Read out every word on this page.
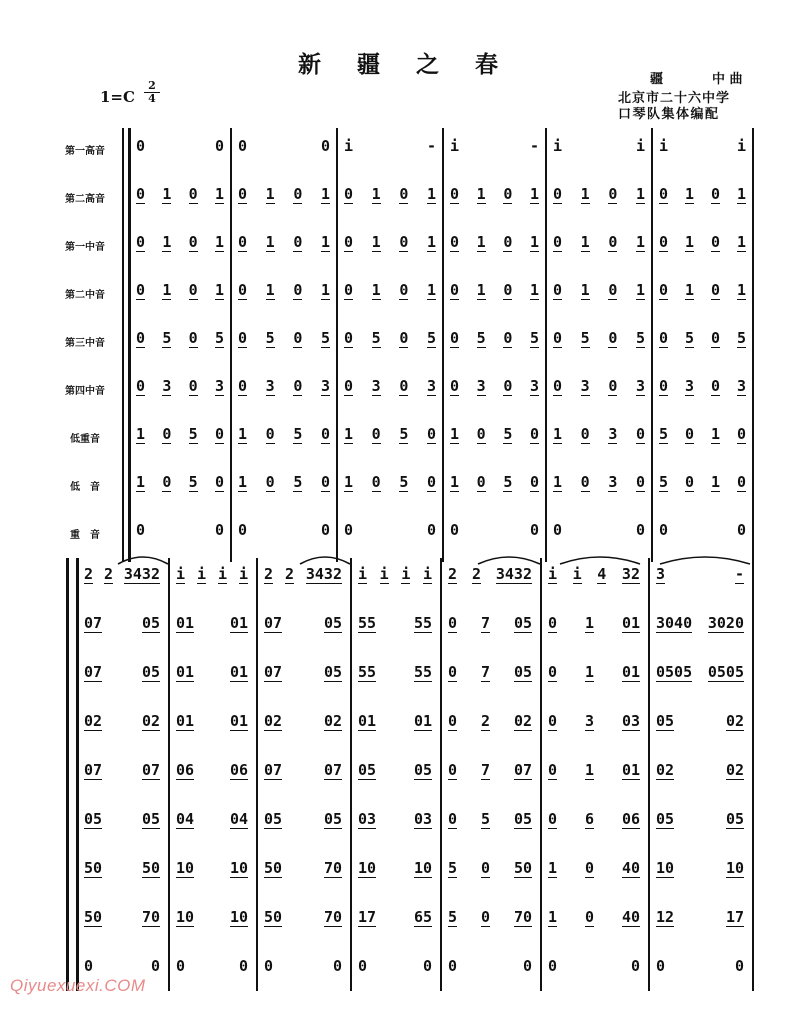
新 疆 之 春
1=C
2
4
疆	中 曲
北京市二十六中学
口琴队集体编配
第一高音
第二高音
第一中音
第二中音
第三中音
第四中音
低重音
低　音
重　音
0	0 0	0 i	- i	- i	i i	i
0 1 0 1 0 1 0 1 0 1 0 1 0 1 0 1 0 1 0 1 0 1 0 1
0 1 0 1 0 1 0 1 0 1 0 1 0 1 0 1 0 1 0 1 0 1 0 1
0 1 0 1 0 1 0 1 0 1 0 1 0 1 0 1 0 1 0 1 0 1 0 1
0 5 0 5 0 5 0 5 0 5 0 5 0 5 0 5 0 5 0 5 0 5 0 5
0 3 0 3 0 3 0 3 0 3 0 3 0 3 0 3 0 3 0 3 0 3 0 3
1 0 5 0 1 0 5 0 1 0 5 0 1 0 5 0 1 0 3 0 5 0 1 0
1 0 5 0 1 0 5 0 1 0 5 0 1 0 5 0 1 0 3 0 5 0 1 0
0	0 0	0 0	0 0	0 0	0 0	0
2 2 3432 i i i i 2 2 3432 i i i i 2 2 3432 i i 4 32 3	-
07	05 01 01 07	05 55	55 0 7 05 0 1 01 3040 3020
07	05 01 01 07	05 55	55 0 7 05 0 1 01 0505 0505
02	02 01 01 02	02 01	01 0 2 02 0 3 03 05	02
07	07 06 06 07	07 05	05 0 7 07 0 1 01 02	02
05	05 04 04 05	05 03	03 0 5 05 0 6 06 05	05
50	50 10 10 50	70 10	10 5 0 50 1 0 40 10	10
50	70 10 10 50	70 17	65 5 0 70 1 0 40 12	17
0	0 0	0 0	0 0	0 0	0 0	0 0	0
Qiyuexuexi.COM
